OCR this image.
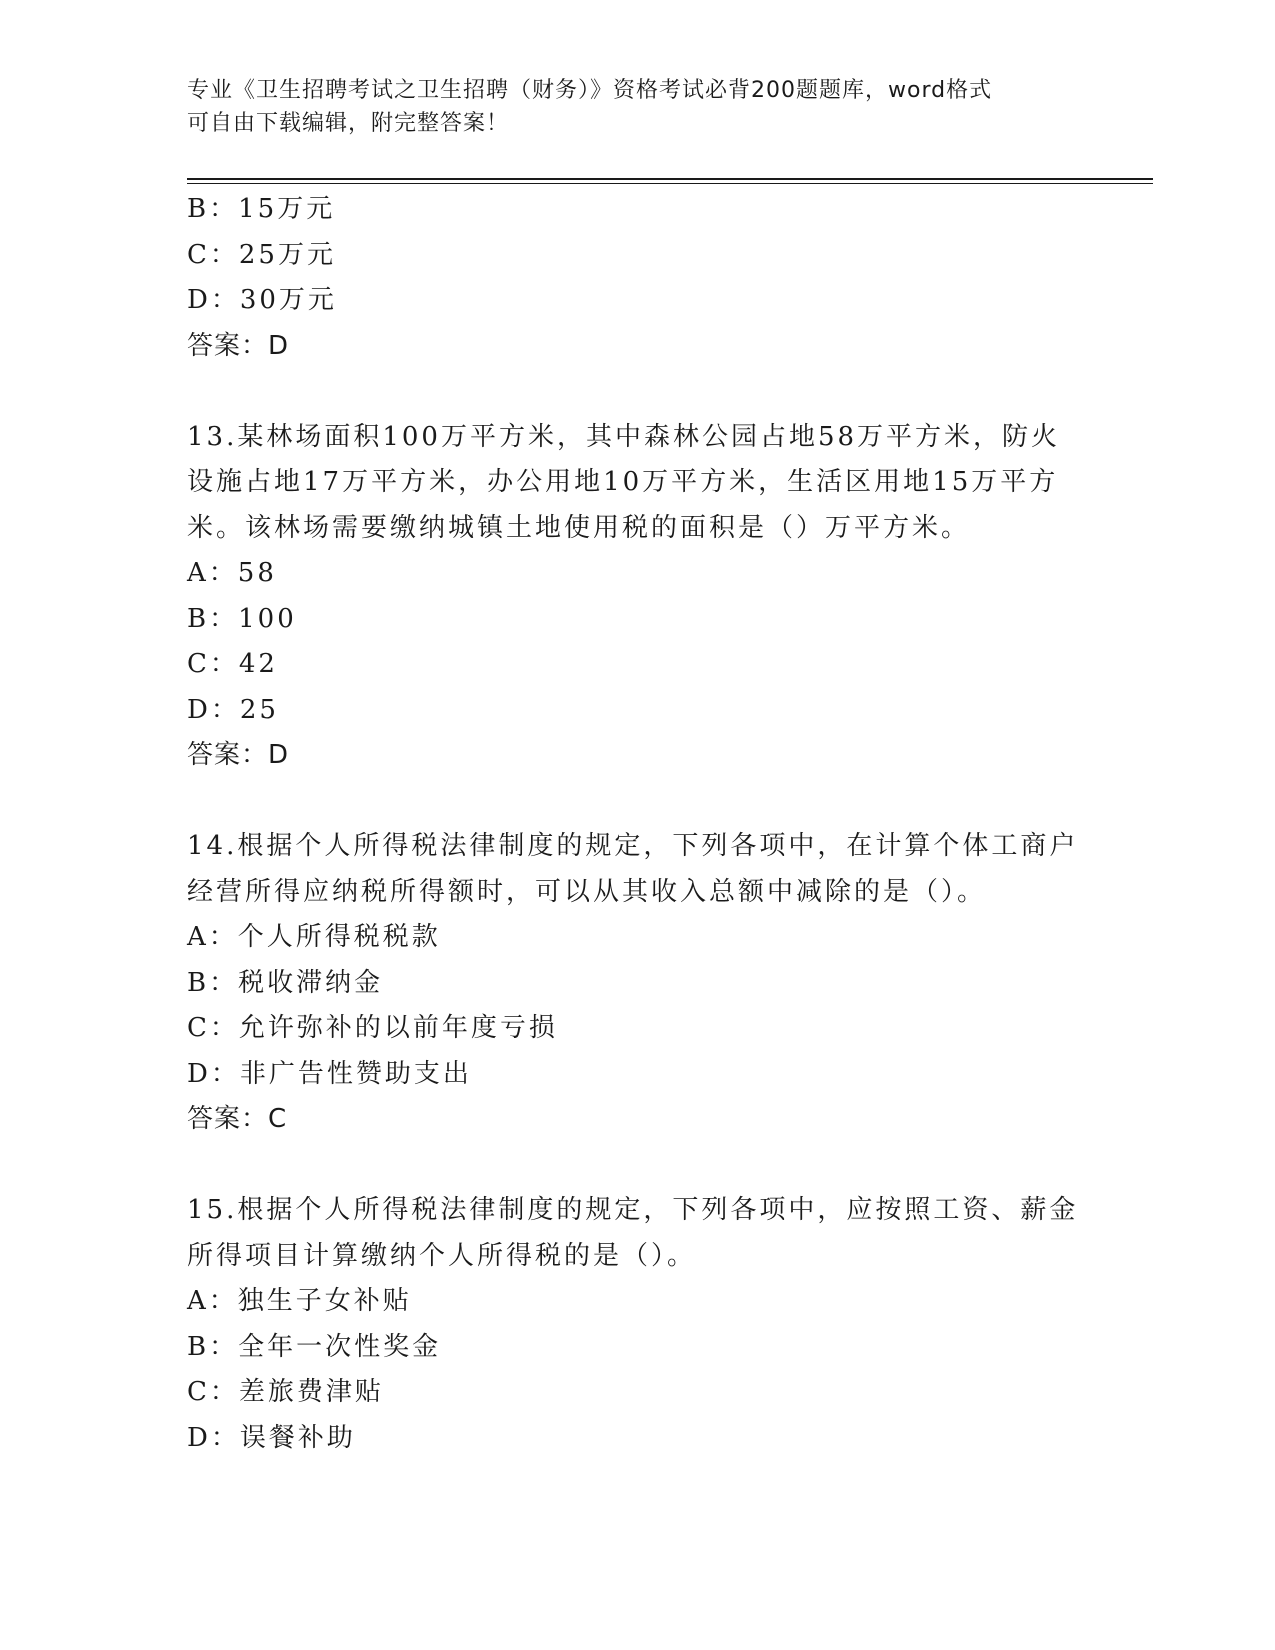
专业《卫生招聘考试之卫生招聘（财务）》资格考试必背200题题库，word格式
可自由下载编辑，附完整答案！
B：15万元
C：25万元
D：30万元
答案：D
13.某林场面积100万平方米，其中森林公园占地58万平方米，防火
设施占地17万平方米，办公用地10万平方米，生活区用地15万平方
米。该林场需要缴纳城镇土地使用税的面积是（）万平方米。
A：58
B：100
C：42
D：25
答案：D
14.根据个人所得税法律制度的规定，下列各项中，在计算个体工商户
经营所得应纳税所得额时，可以从其收入总额中减除的是（）。
A：个人所得税税款
B：税收滞纳金
C：允许弥补的以前年度亏损
D：非广告性赞助支出
答案：C
15.根据个人所得税法律制度的规定，下列各项中，应按照工资、薪金
所得项目计算缴纳个人所得税的是（）。
A：独生子女补贴
B：全年一次性奖金
C：差旅费津贴
D：误餐补助
